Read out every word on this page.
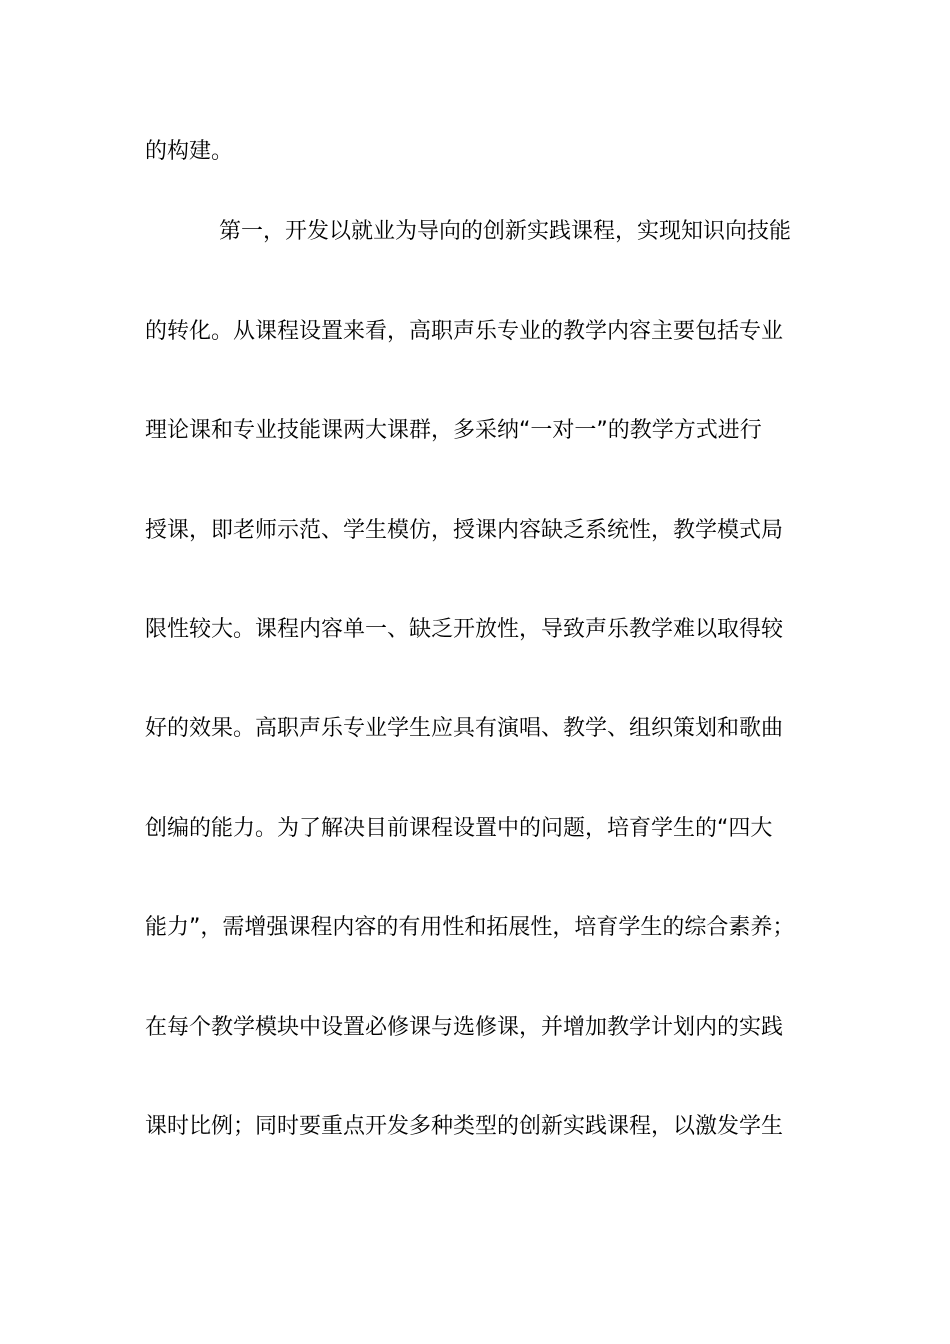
的构建。
第一，开发以就业为导向的创新实践课程，实现知识向技能
的转化。从课程设置来看，高职声乐专业的教学内容主要包括专业
理论课和专业技能课两大课群，多采纳“一对一”的教学方式进行
授课，即老师示范、学生模仿，授课内容缺乏系统性，教学模式局
限性较大。课程内容单一、缺乏开放性，导致声乐教学难以取得较
好的效果。高职声乐专业学生应具有演唱、教学、组织策划和歌曲
创编的能力。为了解决目前课程设置中的问题，培育学生的“四大
能力”，需增强课程内容的有用性和拓展性，培育学生的综合素养；
在每个教学模块中设置必修课与选修课，并增加教学计划内的实践
课时比例；同时要重点开发多种类型的创新实践课程，以激发学生
